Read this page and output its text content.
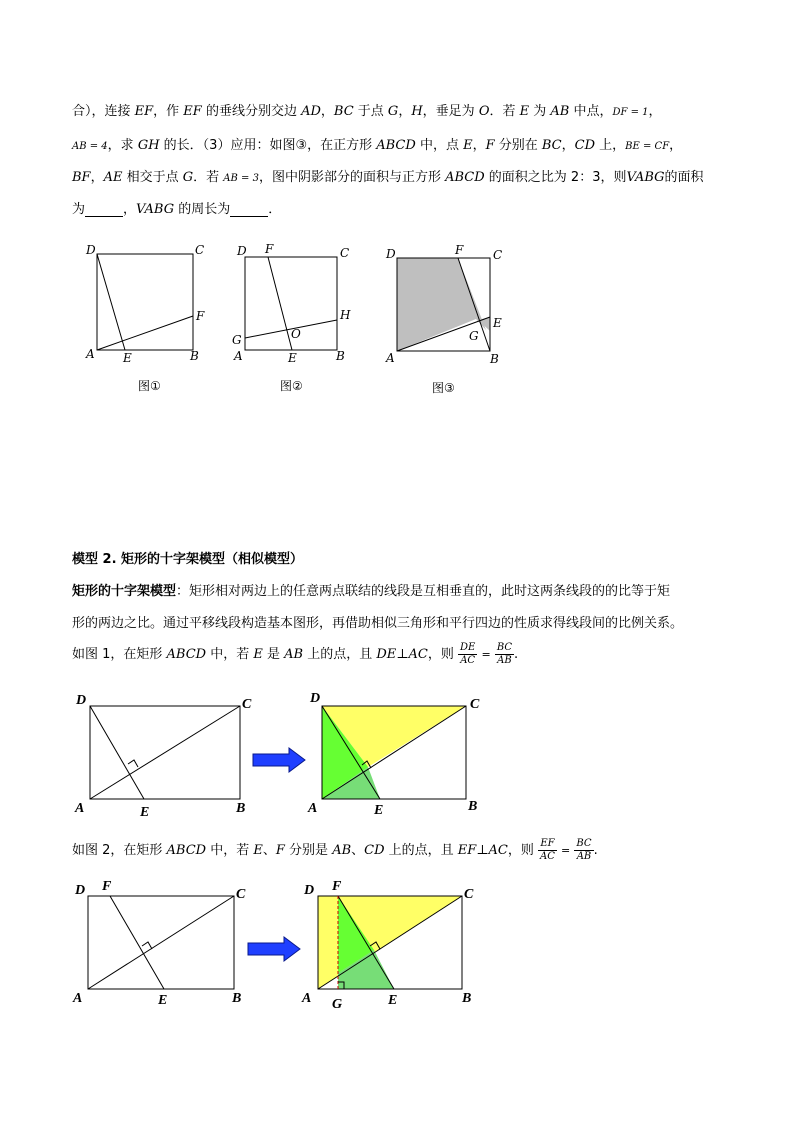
合），连接 EF，作 EF 的垂线分别交边 AD，BC 于点 G，H，垂足为 O．若 E 为 AB 中点，DF = 1，
AB = 4，求 GH 的长．（3）应用：如图③，在正方形 ABCD 中，点 E，F 分别在 BC，CD 上，BE = CF，
BF，AE 相交于点 G．若 AB = 3，图中阴影部分的面积与正方形 ABCD 的面积之比为 2：3，则VABG的面积
为	，VABG 的周长为	．
D	C
F
A E	B
图①
D F	C
H
G	O
A	E	B
图②
D	F C
E
G
A	B
图③
模型 2. 矩形的十字架模型（相似模型）
矩形的十字架模型：矩形相对两边上的任意两点联结的线段是互相垂直的，此时这两条线段的的比等于矩
形的两边之比。通过平移线段构造基本图形，再借助相似三角形和平行四边的性质求得线段间的比例关系。
如图 1，在矩形 ABCD 中，若 E 是 AB 上的点，且 DE⊥AC，则 $\frac{DE}{AC} = \frac{BC}{AB}$ .
D	C
A	E	B
D	C
A	E	B
如图 2，在矩形 ABCD 中，若 E、F 分别是 AB、CD 上的点，且 EF⊥AC，则 $\frac{EF}{AC} = \frac{BC}{AB}$ .
D F
C
A	E	B
D F
C
A G	E	B
